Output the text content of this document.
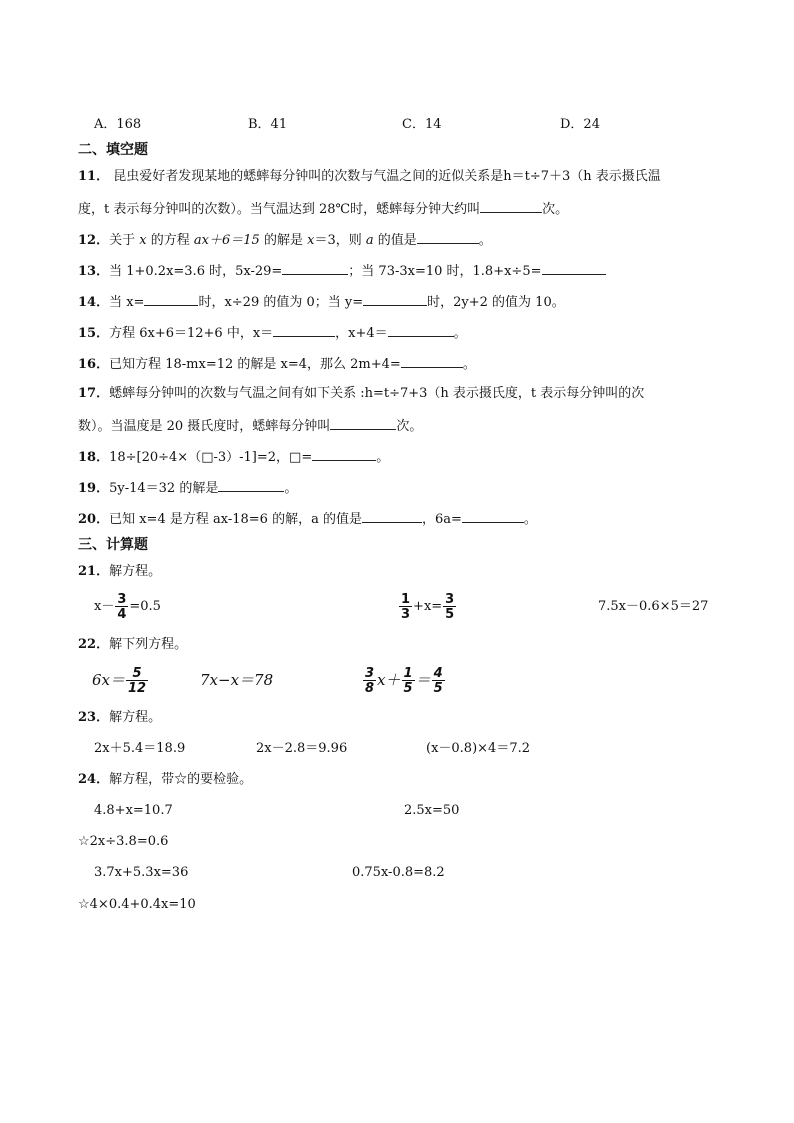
A．168	B．41	C．14	D．24
二、填空题
11． 昆虫爱好者发现某地的蟋蟀每分钟叫的次数与气温之间的近似关系是h＝t÷7＋3（h 表示摄氏温
度，t 表示每分钟叫的次数）。当气温达到 28℃时，蟋蟀每分钟大约叫	次。
12．关于 x 的方程 ax＋6＝15 的解是 x＝3，则 a 的值是	。
13．当 1+0.2x=3.6 时，5x-29=	；当 73-3x=10 时，1.8+x÷5=
14．当 x=	时，x÷29 的值为 0；当 y=	时，2y+2 的值为 10。
15．方程 6x+6＝12+6 中，x＝	，x+4＝	。
16．已知方程 18-mx=12 的解是 x=4，那么 2m+4=	。
17．蟋蟀每分钟叫的次数与气温之间有如下关系 :h=t÷7+3（h 表示摄氏度，t 表示每分钟叫的次
数）。当温度是 20 摄氏度时，蟋蟀每分钟叫	次。
18．18÷[20÷4×（□-3）-1]=2，□=	。
19．5y-14＝32 的解是	。
20．已知 x=4 是方程 ax-18=6 的解，a 的值是	，6a=	。
三、计算题
21．解方程。
$x- \frac{3}{4} =0.5$	$\frac{1}{3} +x= \frac{3}{5}$	7.5x－0.6×5＝27
22．解下列方程。
$6x= \frac{5}{12}$	7x−x＝78	$\frac{3}{8} x+ \frac{1}{5} = \frac{4}{5}$
23．解方程。
2x＋5.4＝18.9	2x－2.8＝9.96	(x－0.8)×4＝7.2
24．解方程，带☆的要检验。
4.8+x=10.7	2.5x=50
☆2x÷3.8=0.6
3.7x+5.3x=36	0.75x-0.8=8.2
☆4×0.4+0.4x=10
